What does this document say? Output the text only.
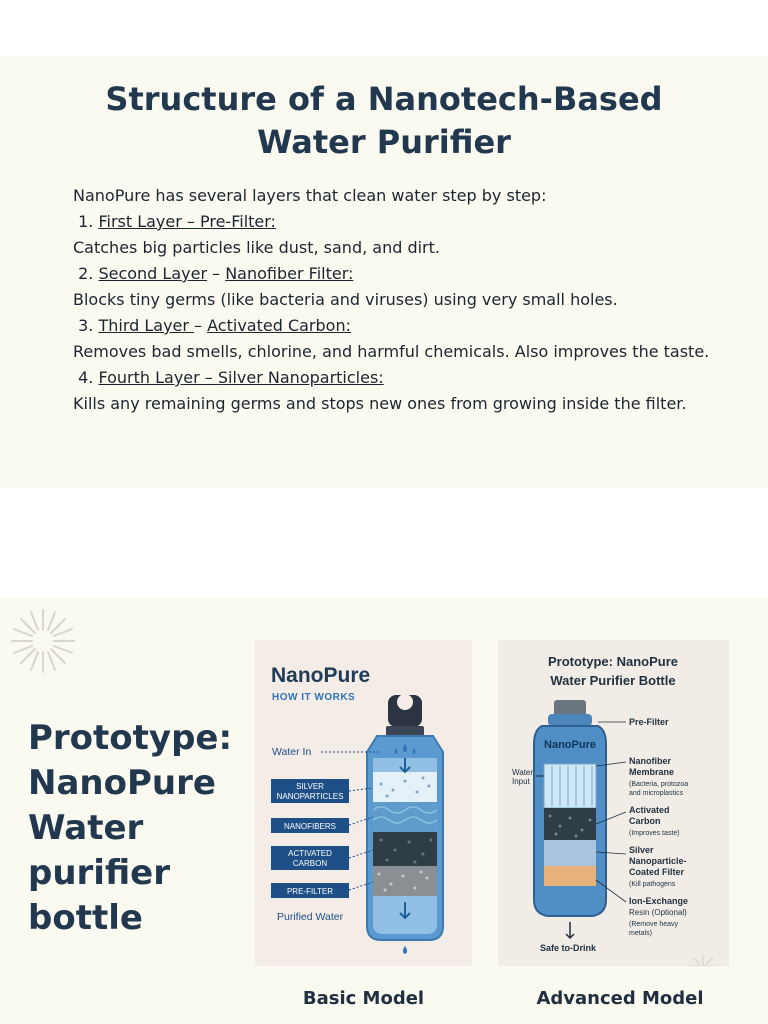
Structure of a Nanotech-Based
Water Purifier

NanoPure has several layers that clean water step by step:

1. First Layer – Pre-Filter:

Catches big particles like dust, sand, and dirt.

2. Second Layer – Nanofiber Filter:

Blocks tiny germs (like bacteria and viruses) using very small holes.

3. Third Layer – Activated Carbon:

Removes bad smells, chlorine, and harmful chemicals. Also improves the taste.

4. Fourth Layer – Silver Nanoparticles:

Kills any remaining germs and stops new ones from growing inside the filter.

Prototype: NanoPure Water purifier bottle
NanoPure
HOW IT WORKS
Water In
SILVER
NANOPARTICLES
NANOFIBERS
ACTIVATED
CARBON
PRE-FILTER
Purified Water
Basic Model
Prototype: NanoPure
Water Purifier Bottle
NanoPure
Water
Input
Pre-Filter
Nanofiber
Membrane
(Bacteria, protozoa
and microplastics
Activated
Carbon
(Improves taste)
Silver
Nanoparticle-
Coated Filter
(Kill pathogens
Ion-Exchange
Resin (Optional)
(Remove heavy
metals)
Safe to-Drink
Advanced Model
